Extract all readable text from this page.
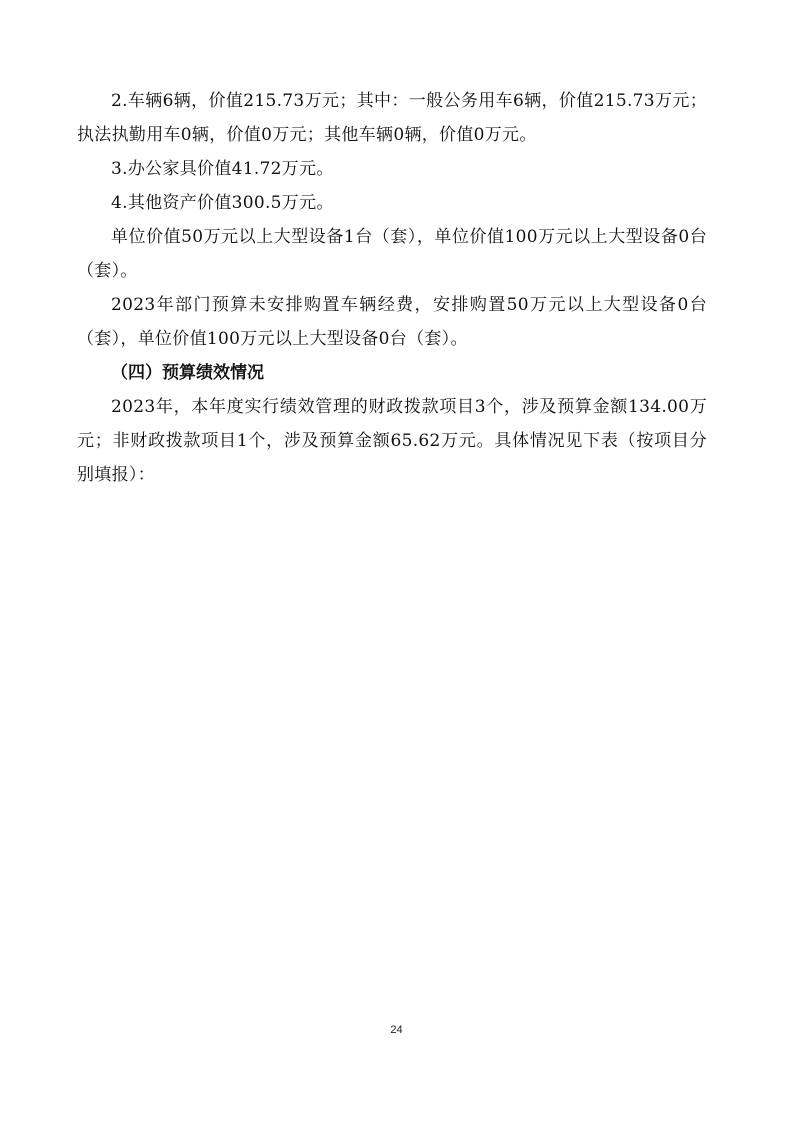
2.车辆6辆，价值215.73万元；其中：一般公务用车6辆，价值215.73万元；执法执勤用车0辆，价值0万元；其他车辆0辆，价值0万元。

3.办公家具价值41.72万元。

4.其他资产价值300.5万元。

单位价值50万元以上大型设备1台（套），单位价值100万元以上大型设备0台（套）。

2023年部门预算未安排购置车辆经费，安排购置50万元以上大型设备0台（套），单位价值100万元以上大型设备0台（套）。

（四）预算绩效情况

2023年，本年度实行绩效管理的财政拨款项目3个，涉及预算金额134.00万元；非财政拨款项目1个，涉及预算金额65.62万元。具体情况见下表（按项目分别填报）：

24
